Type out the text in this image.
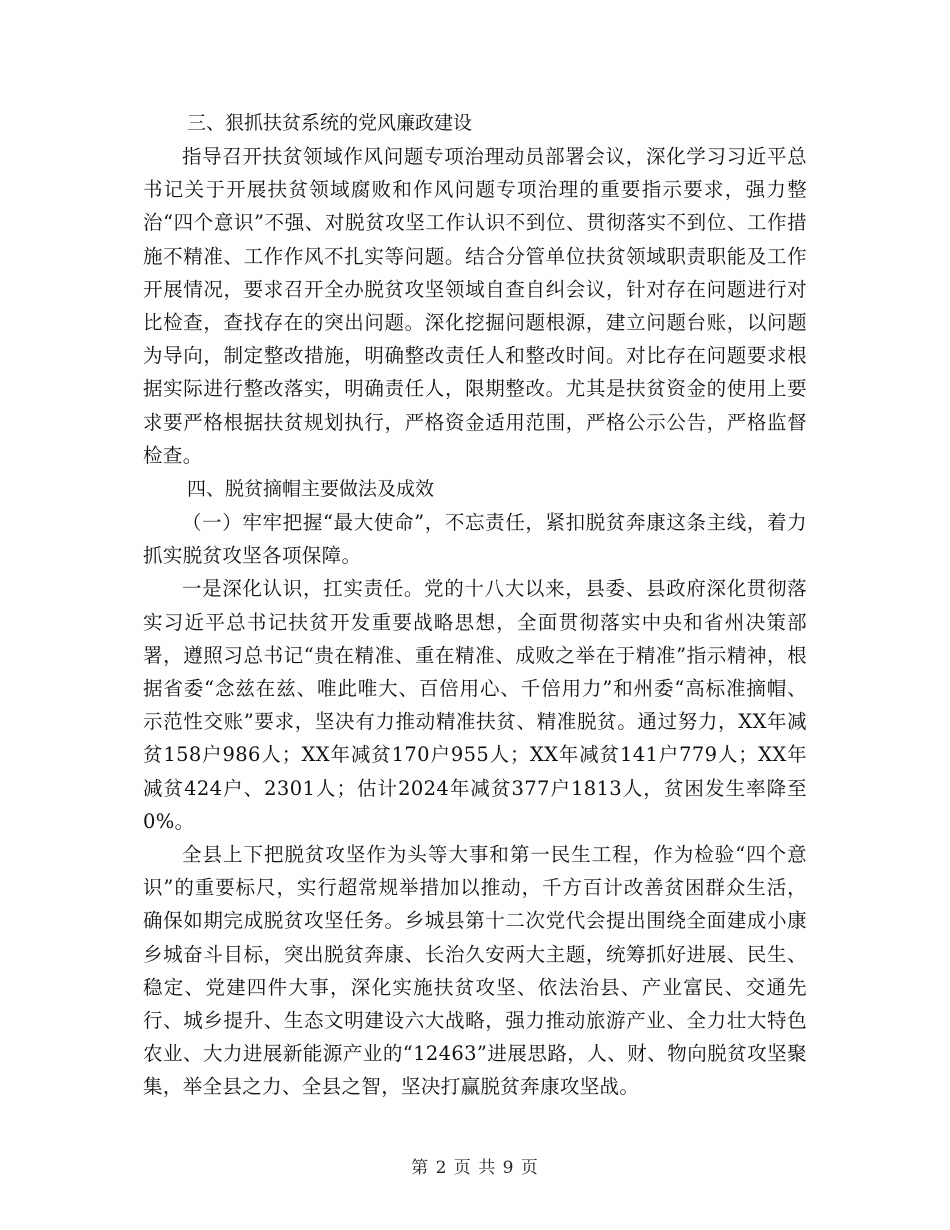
三、狠抓扶贫系统的党风廉政建设

指导召开扶贫领域作风问题专项治理动员部署会议，深化学习习近平总书记关于开展扶贫领域腐败和作风问题专项治理的重要指示要求，强力整治“四个意识”不强、对脱贫攻坚工作认识不到位、贯彻落实不到位、工作措施不精准、工作作风不扎实等问题。结合分管单位扶贫领域职责职能及工作开展情况，要求召开全办脱贫攻坚领域自查自纠会议，针对存在问题进行对比检查，查找存在的突出问题。深化挖掘问题根源，建立问题台账，以问题为导向，制定整改措施，明确整改责任人和整改时间。对比存在问题要求根据实际进行整改落实，明确责任人，限期整改。尤其是扶贫资金的使用上要求要严格根据扶贫规划执行，严格资金适用范围，严格公示公告，严格监督检查。

四、脱贫摘帽主要做法及成效

（一）牢牢把握“最大使命”，不忘责任，紧扣脱贫奔康这条主线，着力抓实脱贫攻坚各项保障。

一是深化认识，扛实责任。党的十八大以来，县委、县政府深化贯彻落实习近平总书记扶贫开发重要战略思想，全面贯彻落实中央和省州决策部署，遵照习总书记“贵在精准、重在精准、成败之举在于精准”指示精神，根据省委“念兹在兹、唯此唯大、百倍用心、千倍用力”和州委“高标准摘帽、示范性交账”要求，坚决有力推动精准扶贫、精准脱贫。通过努力，XX年减贫158户986人；XX年减贫170户955人；XX年减贫141户779人；XX年减贫424户、2301人；估计2024年减贫377户1813人，贫困发生率降至0%。

全县上下把脱贫攻坚作为头等大事和第一民生工程，作为检验“四个意识”的重要标尺，实行超常规举措加以推动，千方百计改善贫困群众生活，确保如期完成脱贫攻坚任务。乡城县第十二次党代会提出围绕全面建成小康乡城奋斗目标，突出脱贫奔康、长治久安两大主题，统筹抓好进展、民生、稳定、党建四件大事，深化实施扶贫攻坚、依法治县、产业富民、交通先行、城乡提升、生态文明建设六大战略，强力推动旅游产业、全力壮大特色农业、大力进展新能源产业的“12463”进展思路，人、财、物向脱贫攻坚聚集，举全县之力、全县之智，坚决打赢脱贫奔康攻坚战。

第 2 页 共 9 页
